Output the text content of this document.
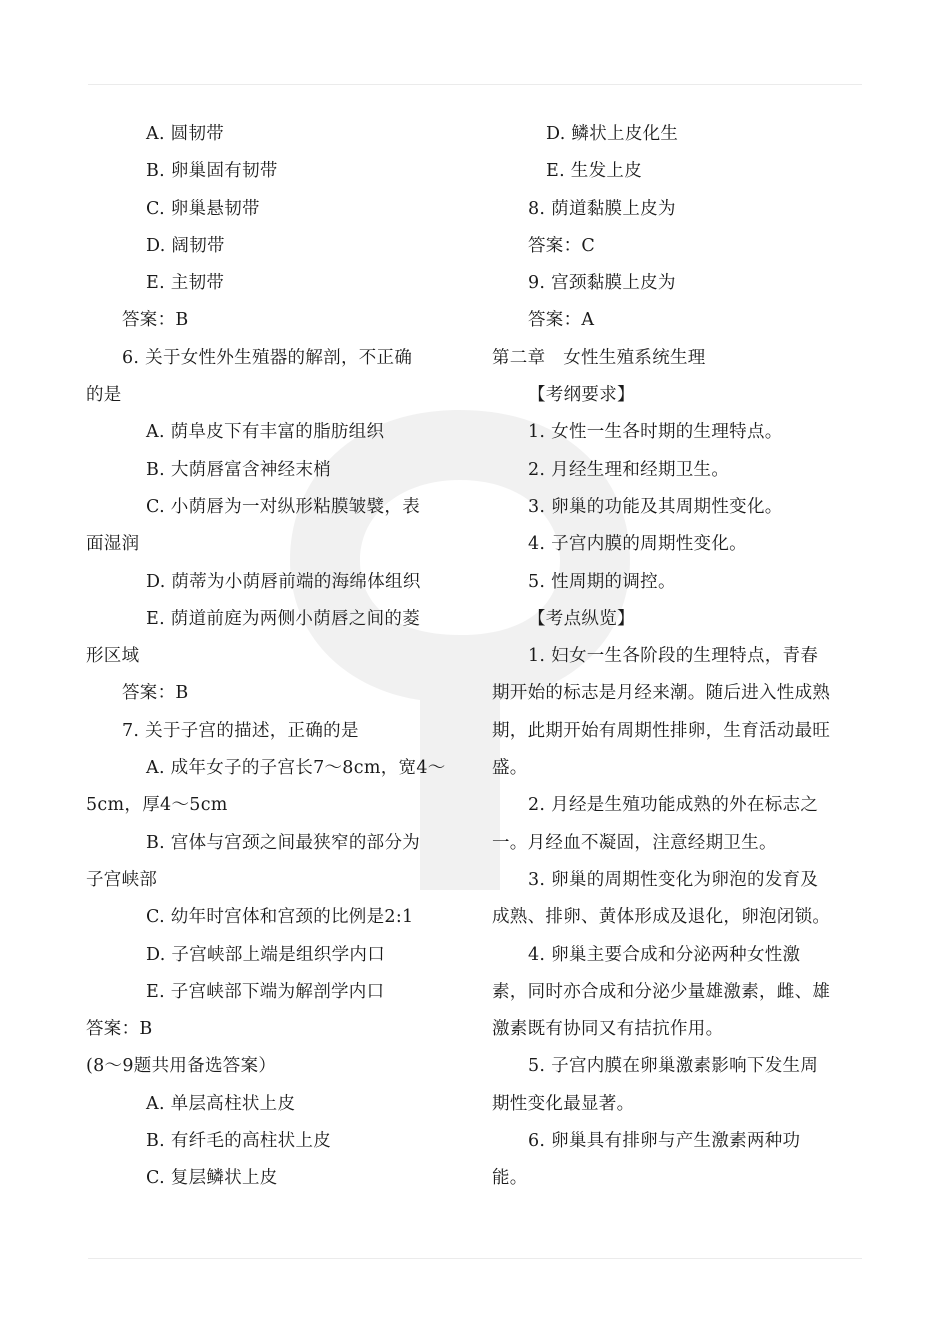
A. 圆韧带
B. 卵巢固有韧带
C. 卵巢悬韧带
D. 阔韧带
E. 主韧带
答案：B
6. 关于女性外生殖器的解剖，不正确
的是
A. 荫阜皮下有丰富的脂肪组织
B. 大荫唇富含神经末梢
C. 小荫唇为一对纵形粘膜皱襞，表
面湿润
D. 荫蒂为小荫唇前端的海绵体组织
E. 荫道前庭为两侧小荫唇之间的菱
形区域
答案：B
7. 关于子宫的描述，正确的是
A. 成年女子的子宫长7～8cm，宽4～
5cm，厚4～5cm
B. 宫体与宫颈之间最狭窄的部分为
子宫峡部
C. 幼年时宫体和宫颈的比例是2:1
D. 子宫峡部上端是组织学内口
E. 子宫峡部下端为解剖学内口
答案：B
(8～9题共用备选答案）
A. 单层高柱状上皮
B. 有纤毛的高柱状上皮
C. 复层鳞状上皮
D. 鳞状上皮化生
E. 生发上皮
8. 荫道黏膜上皮为
答案：C
9. 宫颈黏膜上皮为
答案：A
第二章　女性生殖系统生理
【考纲要求】
1. 女性一生各时期的生理特点。
2. 月经生理和经期卫生。
3. 卵巢的功能及其周期性变化。
4. 子宫内膜的周期性变化。
5. 性周期的调控。
【考点纵览】
1. 妇女一生各阶段的生理特点，青春
期开始的标志是月经来潮。随后进入性成熟
期，此期开始有周期性排卵，生育活动最旺
盛。
2. 月经是生殖功能成熟的外在标志之
一。月经血不凝固，注意经期卫生。
3. 卵巢的周期性变化为卵泡的发育及
成熟、排卵、黄体形成及退化，卵泡闭锁。
4. 卵巢主要合成和分泌两种女性激
素，同时亦合成和分泌少量雄激素，雌、雄
激素既有协同又有拮抗作用。
5. 子宫内膜在卵巢激素影响下发生周
期性变化最显著。
6. 卵巢具有排卵与产生激素两种功
能。
